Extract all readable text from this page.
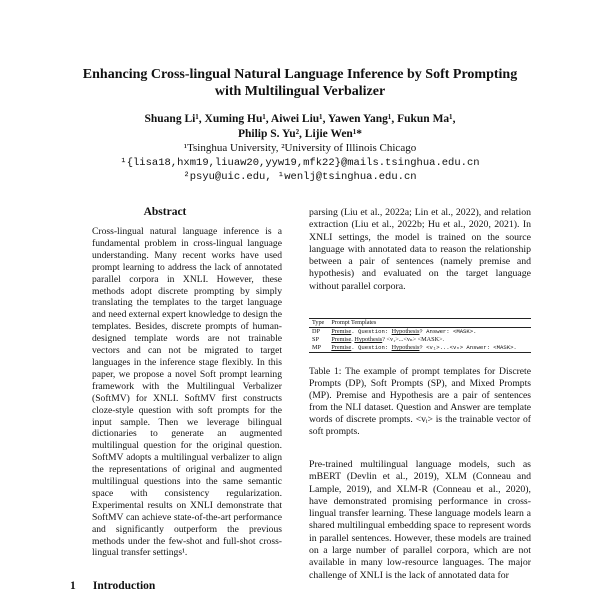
Enhancing Cross-lingual Natural Language Inference by Soft Prompting
with Multilingual Verbalizer
Shuang Li¹, Xuming Hu¹, Aiwei Liu¹, Yawen Yang¹, Fukun Ma¹,
Philip S. Yu², Lijie Wen¹*
¹Tsinghua University, ²University of Illinois Chicago
¹{lisa18,hxm19,liuaw20,yyw19,mfk22}@mails.tsinghua.edu.cn
²psyu@uic.edu, ¹wenlj@tsinghua.edu.cn
Abstract
Cross-lingual natural language inference is a fundamental problem in cross-lingual language understanding. Many recent works have used prompt learning to address the lack of annotated parallel corpora in XNLI. However, these methods adopt discrete prompting by simply translating the templates to the target language and need external expert knowledge to design the templates. Besides, discrete prompts of human-designed template words are not trainable vectors and can not be migrated to target languages in the inference stage flexibly. In this paper, we propose a novel Soft prompt learning framework with the Multilingual Verbalizer (SoftMV) for XNLI. SoftMV first constructs cloze-style question with soft prompts for the input sample. Then we leverage bilingual dictionaries to generate an augmented multilingual question for the original question. SoftMV adopts a multilingual verbalizer to align the representations of original and augmented multilingual questions into the same semantic space with consistency regularization. Experimental results on XNLI demonstrate that SoftMV can achieve state-of-the-art performance and significantly outperform the previous methods under the few-shot and full-shot cross-lingual transfer settings¹.
1 Introduction
parsing (Liu et al., 2022a; Lin et al., 2022), and relation extraction (Liu et al., 2022b; Hu et al., 2020, 2021). In XNLI settings, the model is trained on the source language with annotated data to reason the relationship between a pair of sentences (namely premise and hypothesis) and evaluated on the target language without parallel corpora.
Type	Prompt Templates
DP	Premise. Question: Hypothesis? Answer: <MASK>.
SP	Premise. Hypothesis? <v₁>...<vₙ> <MASK>.
MP	Premise. Question: Hypothesis? <v₁>...<vₙ> Answer: <MASK>.
Table 1: The example of prompt templates for Discrete Prompts (DP), Soft Prompts (SP), and Mixed Prompts (MP). Premise and Hypothesis are a pair of sentences from the NLI dataset. Question and Answer are template words of discrete prompts. <vᵢ> is the trainable vector of soft prompts.
Pre-trained multilingual language models, such as mBERT (Devlin et al., 2019), XLM (Conneau and Lample, 2019), and XLM-R (Conneau et al., 2020), have demonstrated promising performance in cross-lingual transfer learning. These language models learn a shared multilingual embedding space to represent words in parallel sentences. However, these models are trained on a large number of parallel corpora, which are not available in many low-resource languages. The major challenge of XNLI is the lack of annotated data for
